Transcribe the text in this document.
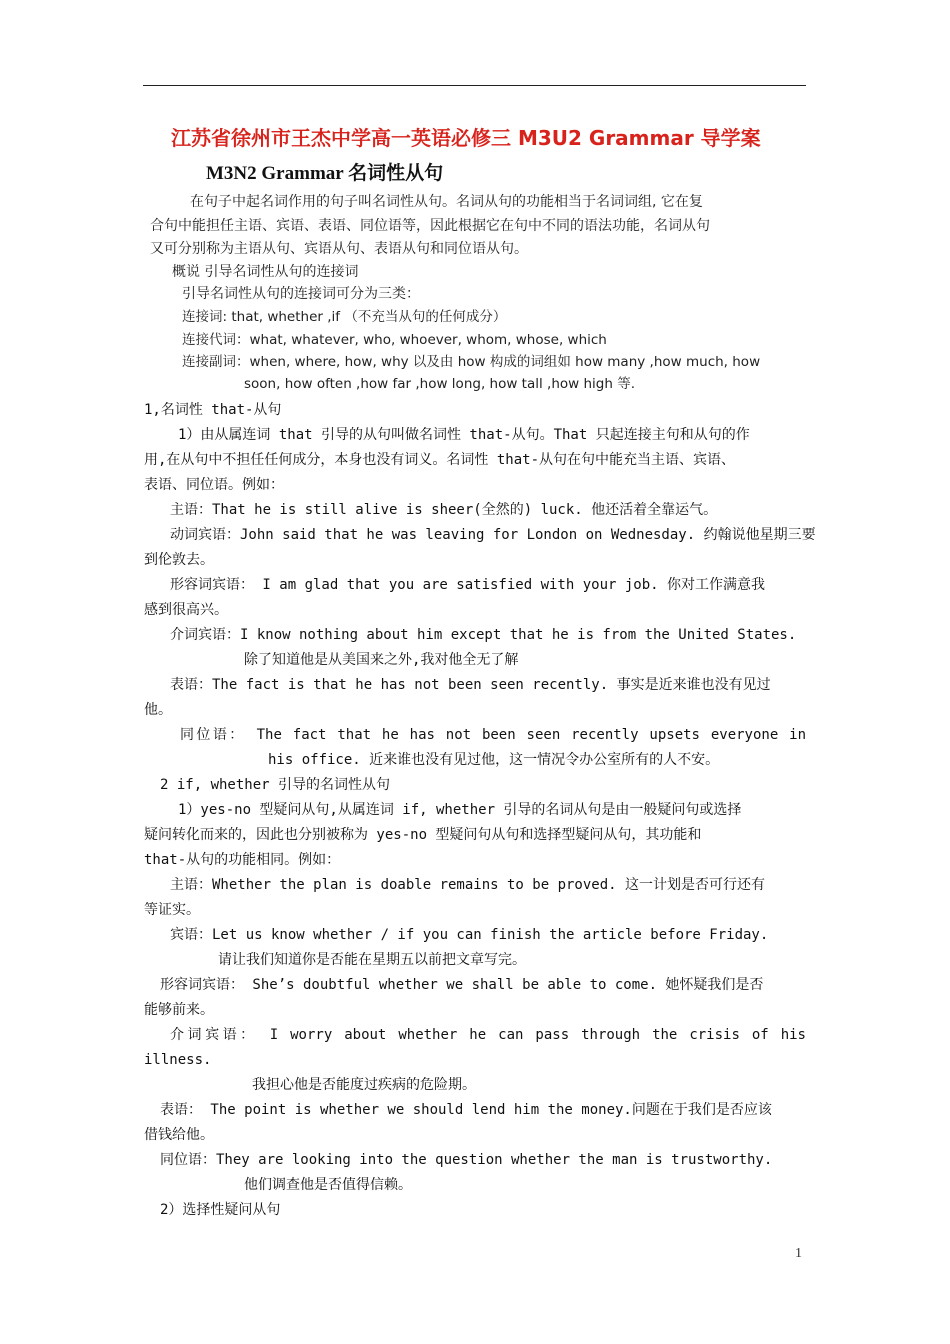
江苏省徐州市王杰中学高一英语必修三 M3U2 Grammar 导学案
M3N2 Grammar 名词性从句
在句子中起名词作用的句子叫名词性从句。名词从句的功能相当于名词词组, 它在复
合句中能担任主语、宾语、表语、同位语等，因此根据它在句中不同的语法功能，名词从句
又可分别称为主语从句、宾语从句、表语从句和同位语从句。
概说 引导名词性从句的连接词
引导名词性从句的连接词可分为三类：
连接词: that, whether ,if （不充当从句的任何成分）
连接代词：what, whatever, who, whoever, whom, whose, which
连接副词：when, where, how, why 以及由 how 构成的词组如 how many ,how much, how
soon, how often ,how far ,how long, how tall ,how high 等.
1,名词性 that-从句
1）由从属连词 that 引导的从句叫做名词性 that-从句。That 只起连接主句和从句的作
用,在从句中不担任任何成分，本身也没有词义。名词性 that-从句在句中能充当主语、宾语、
表语、同位语。例如：
主语：That he is still alive is sheer(全然的) luck. 他还活着全靠运气。
动词宾语：John said that he was leaving for London on Wednesday. 约翰说他星期三要
到伦敦去。
形容词宾语： I am glad that you are satisfied with your job. 你对工作满意我
感到很高兴。
介词宾语：I know nothing about him except that he is from the United States.
除了知道他是从美国来之外,我对他全无了解
表语：The fact is that he has not been seen recently. 事实是近来谁也没有见过
他。
同位语： The fact that he has not been seen recently upsets everyone in
his office. 近来谁也没有见过他，这一情况令办公室所有的人不安。
2 if, whether 引导的名词性从句
1）yes-no 型疑问从句,从属连词 if, whether 引导的名词从句是由一般疑问句或选择
疑问转化而来的，因此也分别被称为 yes-no 型疑问句从句和选择型疑问从句，其功能和
that-从句的功能相同。例如：
主语：Whether the plan is doable remains to be proved. 这一计划是否可行还有
等证实。
宾语：Let us know whether / if you can finish the article before Friday.
请让我们知道你是否能在星期五以前把文章写完。
形容词宾语： She’s doubtful whether we shall be able to come. 她怀疑我们是否
能够前来。
介词宾语： I worry about whether he can pass through the crisis of his
illness.
我担心他是否能度过疾病的危险期。
表语： The point is whether we should lend him the money.问题在于我们是否应该
借钱给他。
同位语：They are looking into the question whether the man is trustworthy.
他们调查他是否值得信赖。
2）选择性疑问从句
1
